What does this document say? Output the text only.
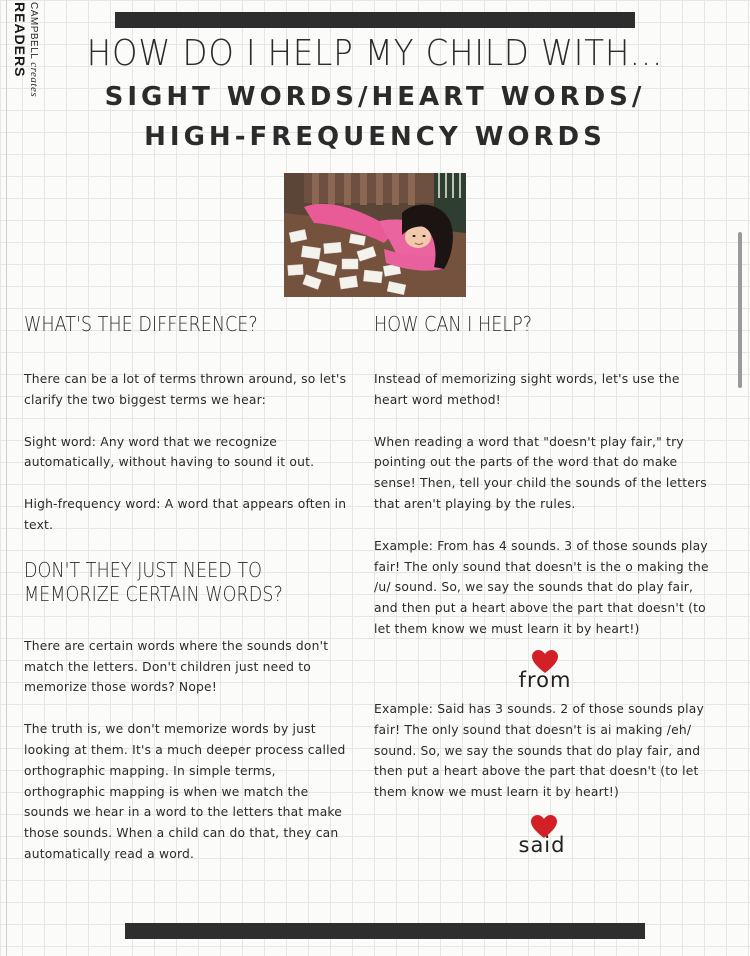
CAMPBELL creates
READERS	HOW DO I HELP MY CHILD WITH...
SIGHT WORDS/HEART WORDS/
HIGH-FREQUENCY WORDS
WHAT'S THE DIFFERENCE?

There can be a lot of terms thrown around, so let's clarify the two biggest terms we hear:

Sight word: Any word that we recognize automatically, without having to sound it out.

High-frequency word: A word that appears often in text.

DON'T THEY JUST NEED TO
MEMORIZE CERTAIN WORDS?

There are certain words where the sounds don't match the letters. Don't children just need to memorize those words? Nope!

The truth is, we don't memorize words by just looking at them. It's a much deeper process called orthographic mapping. In simple terms, orthographic mapping is when we match the sounds we hear in a word to the letters that make those sounds. When a child can do that, they can automatically read a word.

HOW CAN I HELP?

Instead of memorizing sight words, let's use the heart word method!

When reading a word that "doesn't play fair," try pointing out the parts of the word that do make sense! Then, tell your child the sounds of the letters that aren't playing by the rules.

Example: From has 4 sounds. 3 of those sounds play fair! The only sound that doesn't is the o making the /u/ sound. So, we say the sounds that do play fair, and then put a heart above the part that doesn't (to let them know we must learn it by heart!)

from

Example: Said has 3 sounds. 2 of those sounds play fair! The only sound that doesn't is ai making /eh/ sound. So, we say the sounds that do play fair, and then put a heart above the part that doesn't (to let them know we must learn it by heart!)

said
